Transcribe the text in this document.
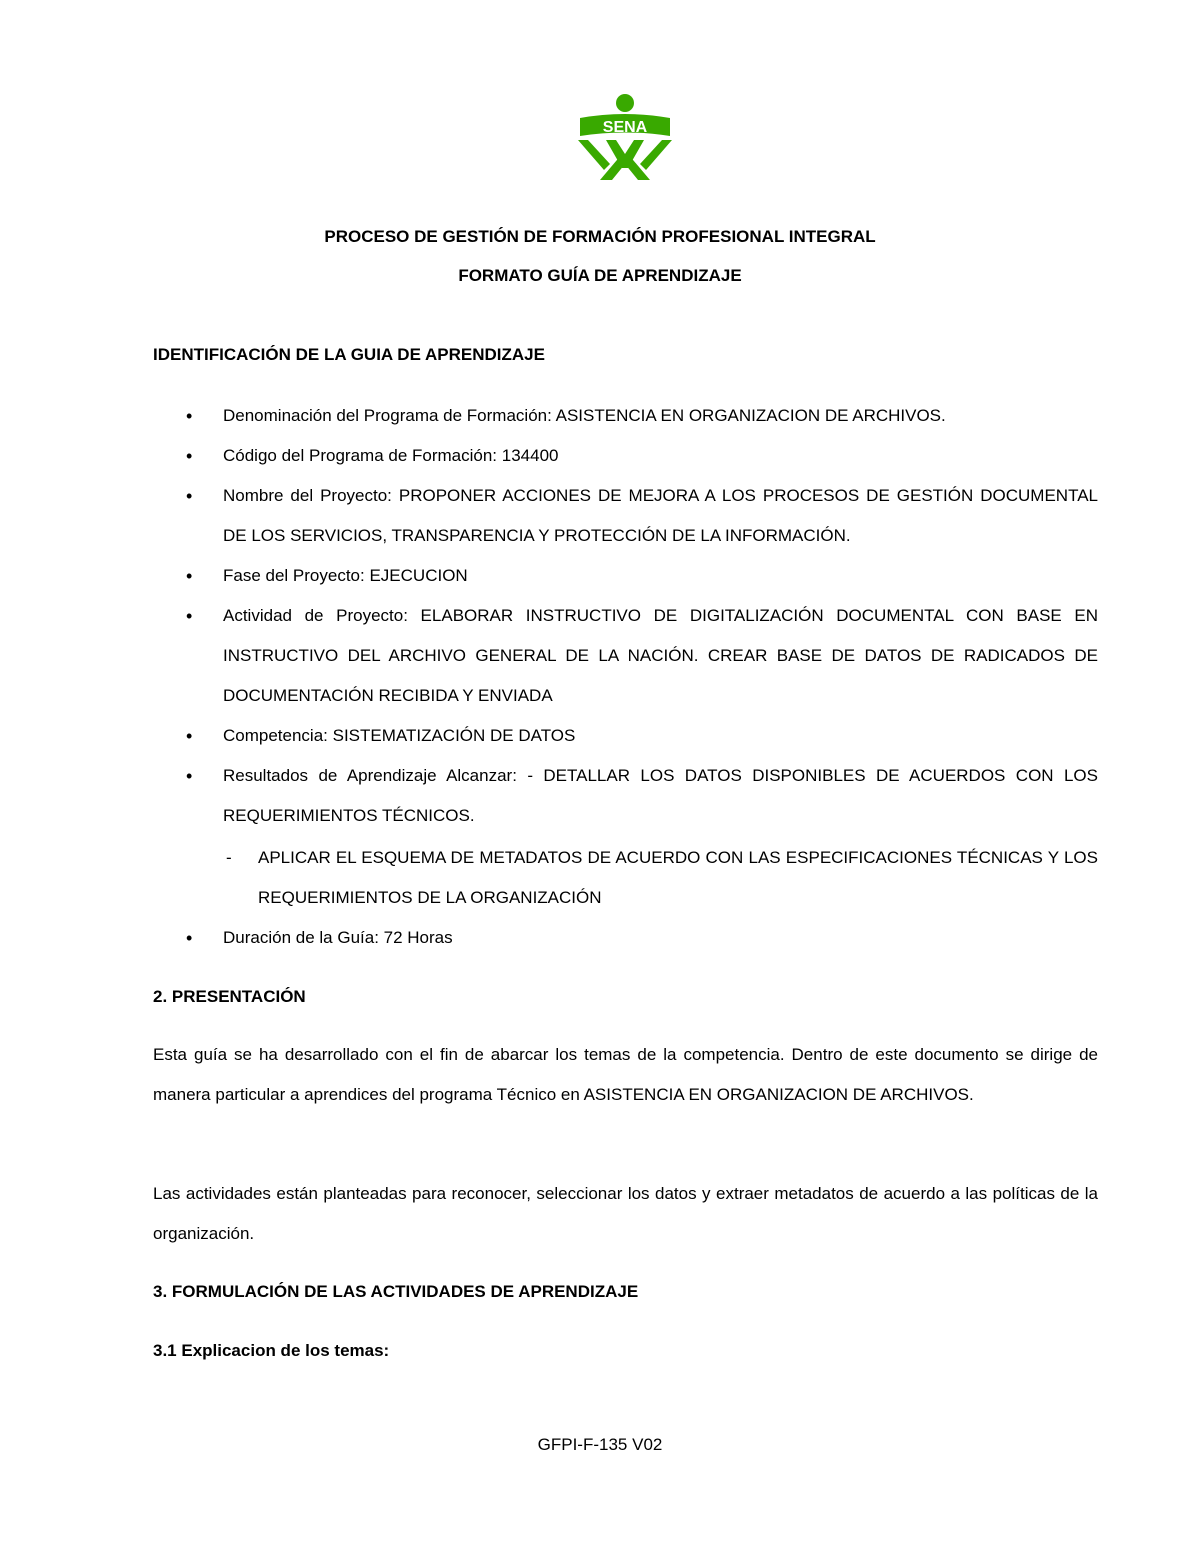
SENA
PROCESO DE GESTIÓN DE FORMACIÓN PROFESIONAL INTEGRAL
FORMATO GUÍA DE APRENDIZAJE
IDENTIFICACIÓN DE LA GUIA DE APRENDIZAJE
• Denominación del Programa de Formación: ASISTENCIA EN ORGANIZACION DE ARCHIVOS.
• Código del Programa de Formación: 134400
• Nombre del Proyecto: PROPONER ACCIONES DE MEJORA A LOS PROCESOS DE GESTIÓN DOCUMENTAL DE LOS SERVICIOS, TRANSPARENCIA Y PROTECCIÓN DE LA INFORMACIÓN.
• Fase del Proyecto: EJECUCION
• Actividad de Proyecto: ELABORAR INSTRUCTIVO DE DIGITALIZACIÓN DOCUMENTAL CON BASE EN INSTRUCTIVO DEL ARCHIVO GENERAL DE LA NACIÓN. CREAR BASE DE DATOS DE RADICADOS DE DOCUMENTACIÓN RECIBIDA Y ENVIADA
• Competencia: SISTEMATIZACIÓN DE DATOS
• Resultados de Aprendizaje Alcanzar: - DETALLAR LOS DATOS DISPONIBLES DE ACUERDOS CON LOS REQUERIMIENTOS TÉCNICOS.
-	APLICAR EL ESQUEMA DE METADATOS DE ACUERDO CON LAS ESPECIFICACIONES TÉCNICAS Y LOS REQUERIMIENTOS DE LA ORGANIZACIÓN
• Duración de la Guía: 72 Horas
2. PRESENTACIÓN
Esta guía se ha desarrollado con el fin de abarcar los temas de la competencia. Dentro de este documento se dirige de manera particular a aprendices del programa Técnico en ASISTENCIA EN ORGANIZACION DE ARCHIVOS.
Las actividades están planteadas para reconocer, seleccionar los datos y extraer metadatos de acuerdo a las políticas de la organización.
3. FORMULACIÓN DE LAS ACTIVIDADES DE APRENDIZAJE
3.1 Explicacion de los temas:
GFPI-F-135 V02
